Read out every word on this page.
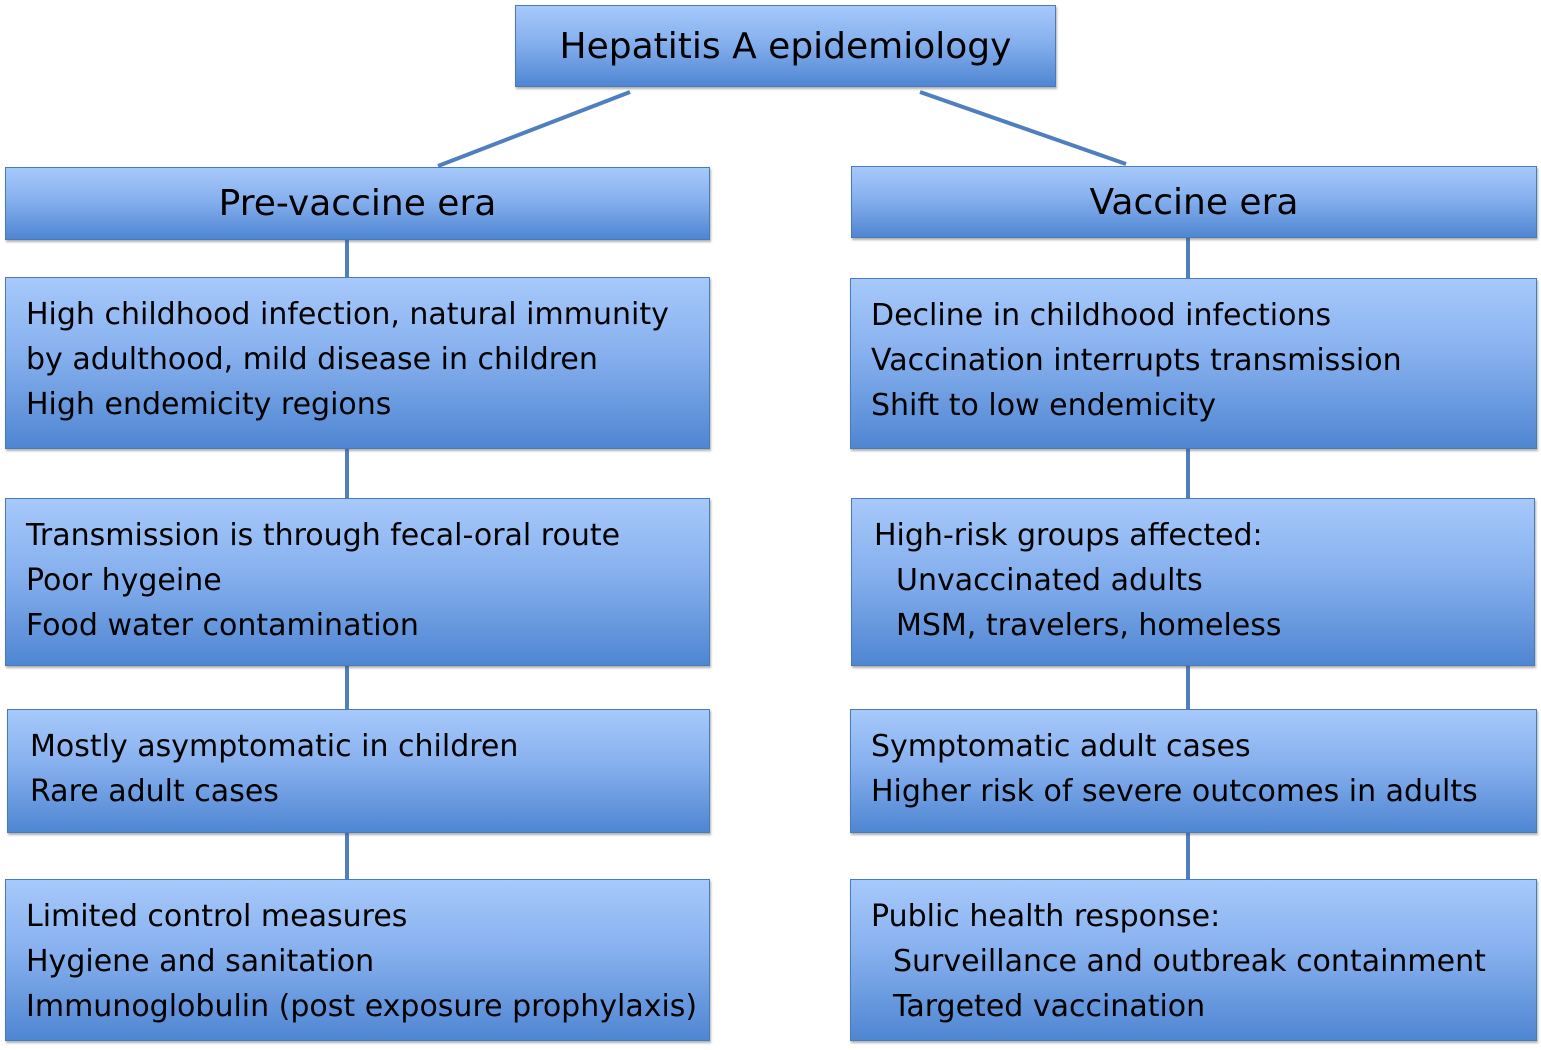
Hepatitis A epidemiology
Pre-vaccine era
High childhood infection, natural immunity
by adulthood, mild disease in children
High endemicity regions
Transmission is through fecal-oral route
Poor hygeine
Food water contamination
Mostly asymptomatic in children
Rare adult cases
Limited control measures
Hygiene and sanitation
Immunoglobulin (post exposure prophylaxis)
Vaccine era
Decline in childhood infections
Vaccination interrupts transmission
Shift to low endemicity
High-risk groups affected:
Unvaccinated adults
MSM, travelers, homeless
Symptomatic adult cases
Higher risk of severe outcomes in adults
Public health response:
Surveillance and outbreak containment
Targeted vaccination
